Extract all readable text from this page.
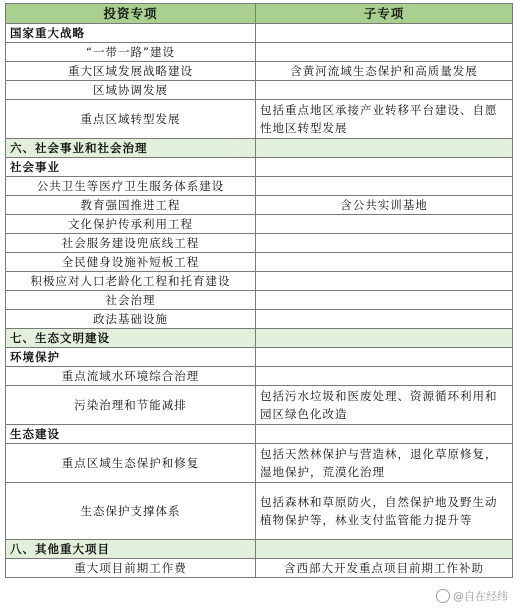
投资专项	子专项
国家重大战略	
“一带一路”建设	
重大区域发展战略建设	含黄河流域生态保护和高质量发展
区域协调发展	
重点区域转型发展	包括重点地区承接产业转移平台建设、自愿性地区转型发展
六、社会事业和社会治理	
社会事业	
公共卫生等医疗卫生服务体系建设	
教育强国推进工程	含公共实训基地
文化保护传承利用工程	
社会服务建设兜底线工程	
全民健身设施补短板工程	
积极应对人口老龄化工程和托育建设	
社会治理	
政法基础设施	
七、生态文明建设	
环境保护	
重点流域水环境综合治理	
污染治理和节能减排	包括污水垃圾和医废处理、资源循环利用和园区绿色化改造
生态建设	
重点区域生态保护和修复	包括天然林保护与营造林，退化草原修复，湿地保护，荒漠化治理
生态保护支撑体系	包括森林和草原防火，自然保护地及野生动植物保护等，林业支付监管能力提升等
八、其他重大项目	
重大项目前期工作费	含西部大开发重点项目前期工作补助
@自在经纬
